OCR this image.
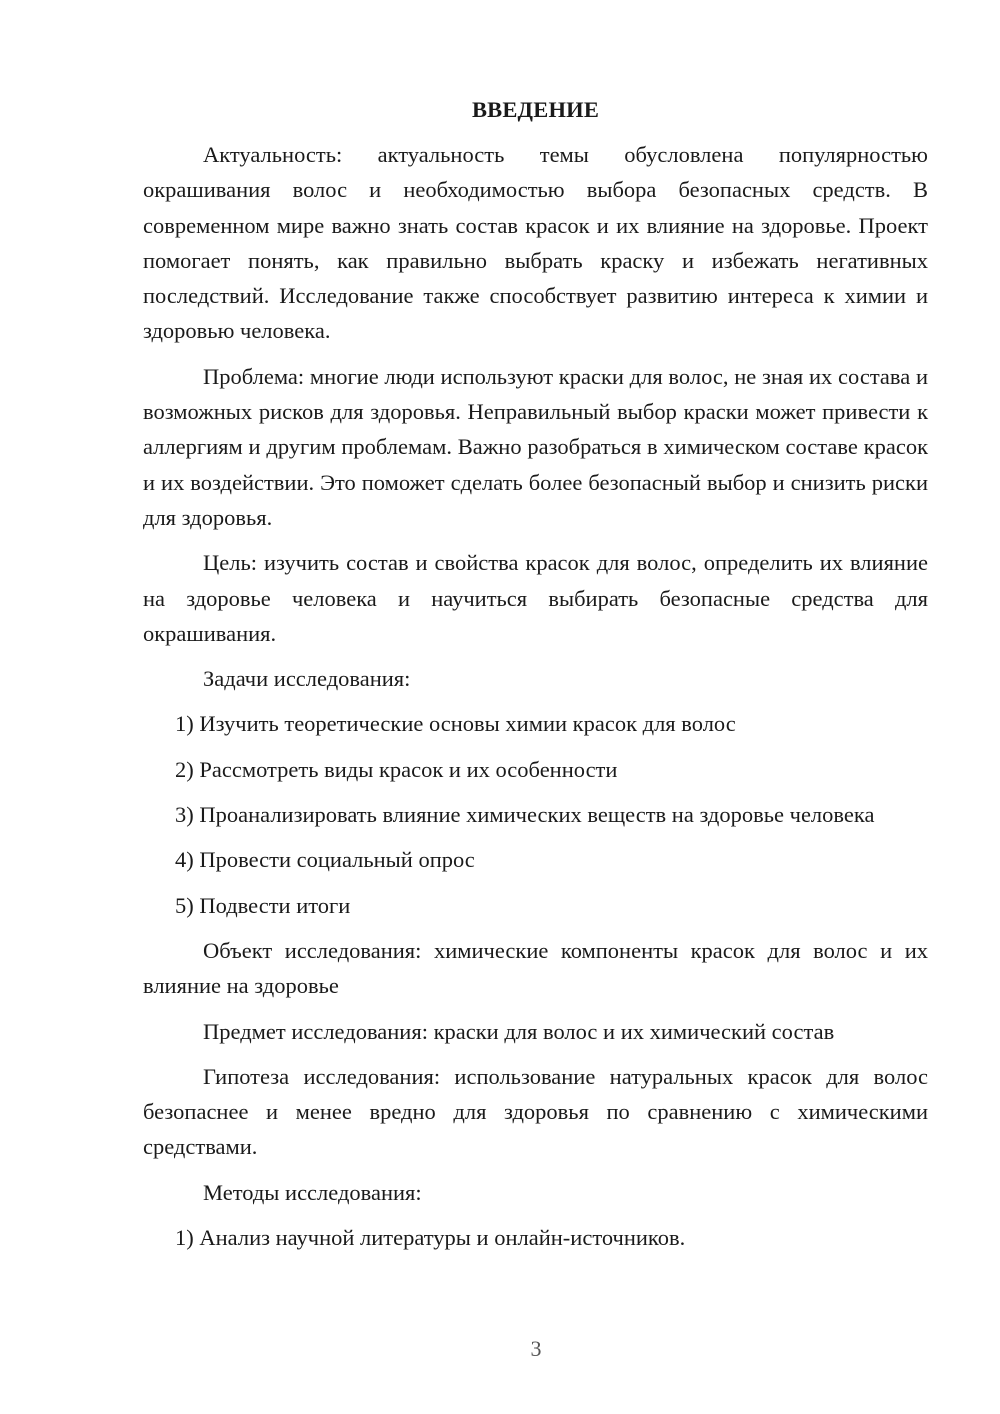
ВВЕДЕНИЕ

Актуальность: актуальность темы обусловлена популярностью окрашивания волос и необходимостью выбора безопасных средств. В современном мире важно знать состав красок и их влияние на здоровье. Проект помогает понять, как правильно выбрать краску и избежать негативных последствий. Исследование также способствует развитию интереса к химии и здоровью человека.

Проблема: многие люди используют краски для волос, не зная их состава и возможных рисков для здоровья. Неправильный выбор краски может привести к аллергиям и другим проблемам. Важно разобраться в химическом составе красок и их воздействии. Это поможет сделать более безопасный выбор и снизить риски для здоровья.

Цель: изучить состав и свойства красок для волос, определить их влияние на здоровье человека и научиться выбирать безопасные средства для окрашивания.

Задачи исследования:

1) Изучить теоретические основы химии красок для волос

2) Рассмотреть виды красок и их особенности

3) Проанализировать влияние химических веществ на здоровье человека

4) Провести социальный опрос

5) Подвести итоги

Объект исследования: химические компоненты красок для волос и их влияние на здоровье

Предмет исследования: краски для волос и их химический состав

Гипотеза исследования: использование натуральных красок для волос безопаснее и менее вредно для здоровья по сравнению с химическими средствами.

Методы исследования:

1) Анализ научной литературы и онлайн-источников.

3
